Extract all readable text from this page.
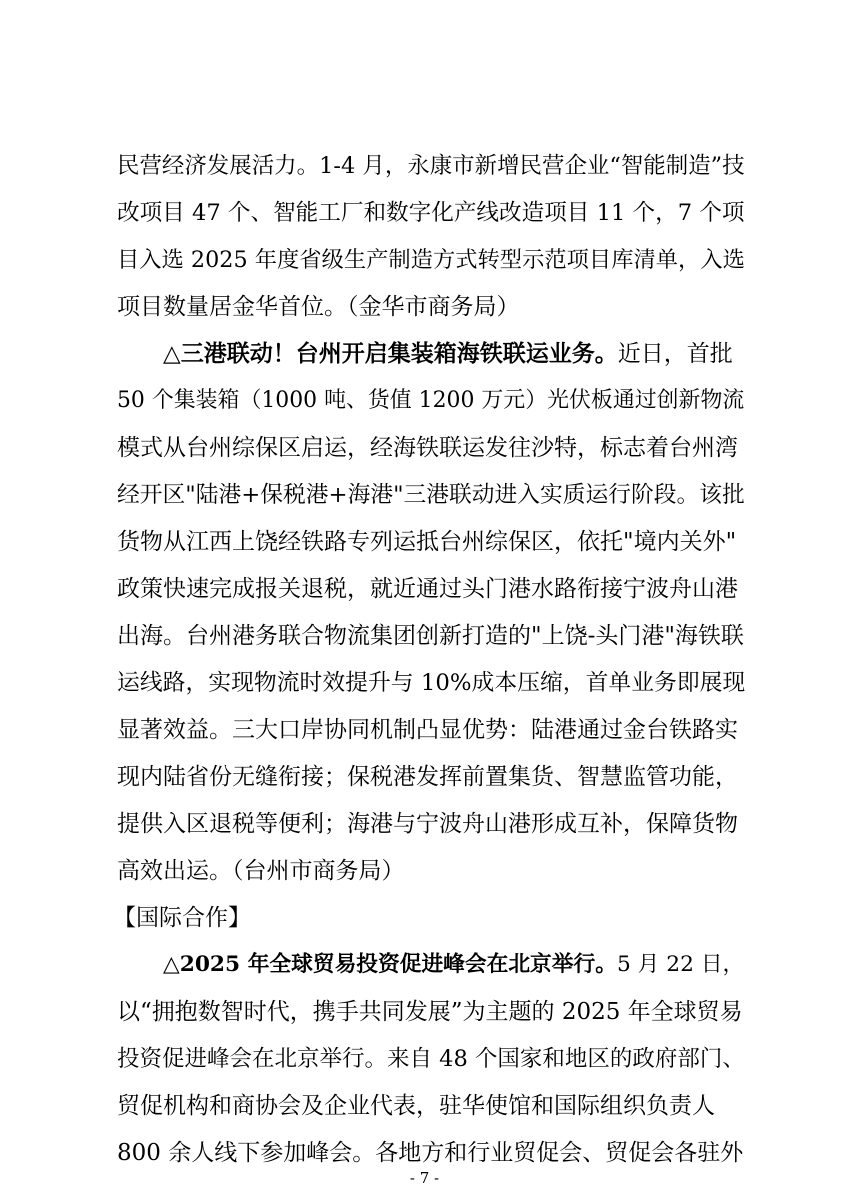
民营经济发展活力。1-4 月，永康市新增民营企业“智能制造”技
改项目 47 个、智能工厂和数字化产线改造项目 11 个，7 个项
目入选 2025 年度省级生产制造方式转型示范项目库清单，入选
项目数量居金华首位。（金华市商务局）
△三港联动！台州开启集装箱海铁联运业务。近日，首批
50 个集装箱（1000 吨、货值 1200 万元）光伏板通过创新物流
模式从台州综保区启运，经海铁联运发往沙特，标志着台州湾
经开区"陆港+保税港+海港"三港联动进入实质运行阶段。该批
货物从江西上饶经铁路专列运抵台州综保区，依托"境内关外"
政策快速完成报关退税，就近通过头门港水路衔接宁波舟山港
出海。台州港务联合物流集团创新打造的"上饶-头门港"海铁联
运线路，实现物流时效提升与 10%成本压缩，首单业务即展现
显著效益。三大口岸协同机制凸显优势：陆港通过金台铁路实
现内陆省份无缝衔接；保税港发挥前置集货、智慧监管功能，
提供入区退税等便利；海港与宁波舟山港形成互补，保障货物
高效出运。（台州市商务局）
【国际合作】
△2025 年全球贸易投资促进峰会在北京举行。5 月 22 日，
以“拥抱数智时代，携手共同发展”为主题的 2025 年全球贸易
投资促进峰会在北京举行。来自 48 个国家和地区的政府部门、
贸促机构和商协会及企业代表，驻华使馆和国际组织负责人
800 余人线下参加峰会。各地方和行业贸促会、贸促会各驻外
- 7 -
